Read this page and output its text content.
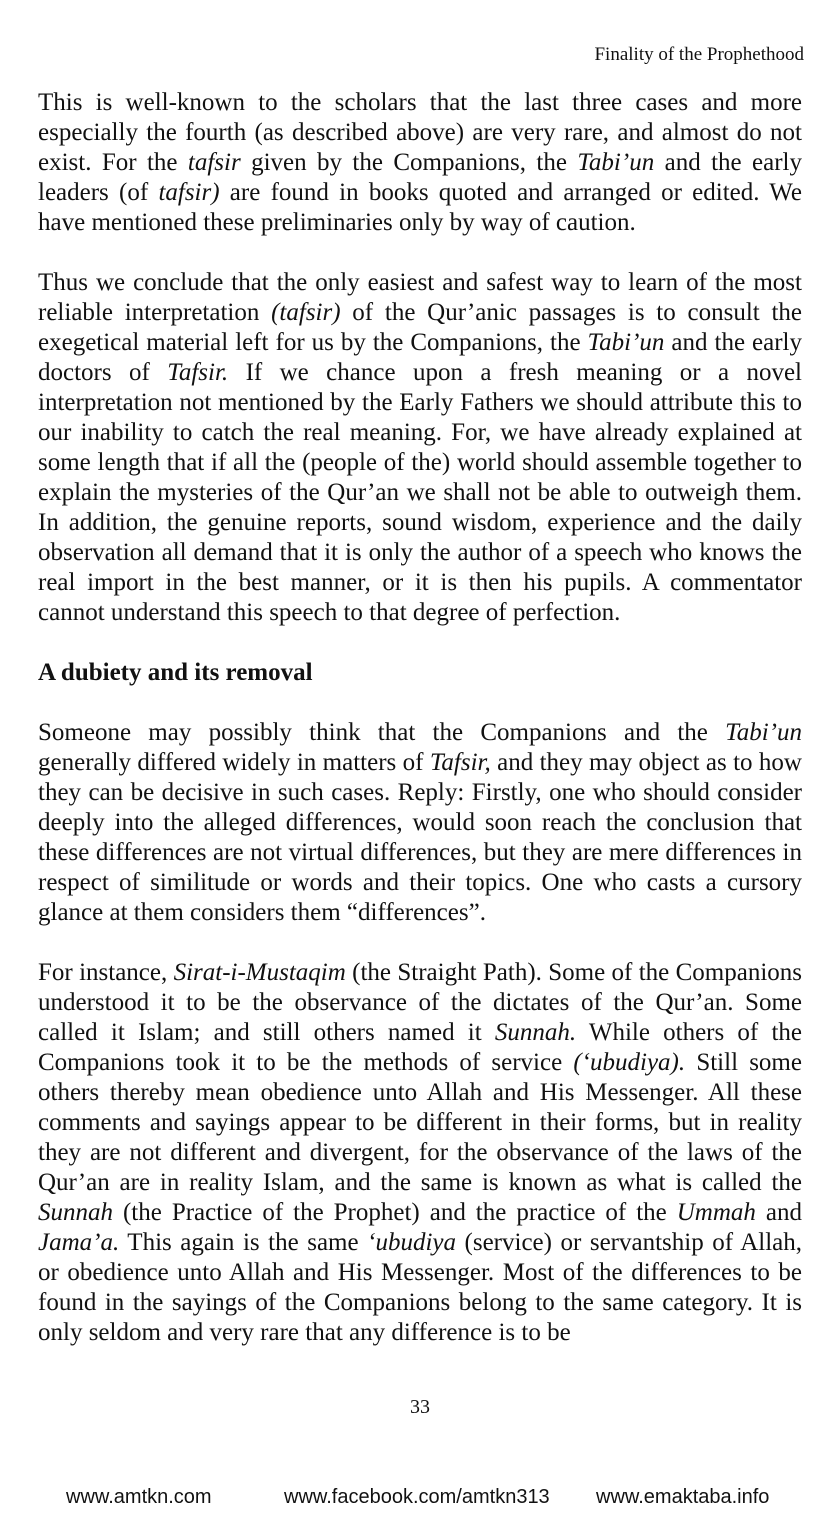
Finality of the Prophethood

This is well-known to the scholars that the last three cases and more especially the fourth (as described above) are very rare, and almost do not exist. For the tafsir given by the Companions, the Tabi’un and the early leaders (of tafsir) are found in books quoted and arranged or edited. We have mentioned these preliminaries only by way of caution.

Thus we conclude that the only easiest and safest way to learn of the most reliable interpretation (tafsir) of the Qur’anic passages is to consult the exegetical material left for us by the Companions, the Tabi’un and the early doctors of Tafsir. If we chance upon a fresh meaning or a novel interpretation not mentioned by the Early Fathers we should attribute this to our inability to catch the real meaning. For, we have already explained at some length that if all the (people of the) world should assemble together to explain the mysteries of the Qur’an we shall not be able to outweigh them. In addition, the genuine reports, sound wisdom, experience and the daily observation all demand that it is only the author of a speech who knows the real import in the best manner, or it is then his pupils. A commentator cannot understand this speech to that degree of perfection.

A dubiety and its removal

Someone may possibly think that the Companions and the Tabi’un generally differed widely in matters of Tafsir, and they may object as to how they can be decisive in such cases. Reply: Firstly, one who should consider deeply into the alleged differences, would soon reach the conclusion that these differences are not virtual differences, but they are mere differences in respect of similitude or words and their topics. One who casts a cursory glance at them considers them “differences”.

For instance, Sirat-i-Mustaqim (the Straight Path). Some of the Companions understood it to be the observance of the dictates of the Qur’an. Some called it Islam; and still others named it Sunnah. While others of the Companions took it to be the methods of service (‘ubudiya). Still some others thereby mean obedience unto Allah and His Messenger. All these comments and sayings appear to be different in their forms, but in reality they are not different and divergent, for the observance of the laws of the Qur’an are in reality Islam, and the same is known as what is called the Sunnah (the Practice of the Prophet) and the practice of the Ummah and Jama’a. This again is the same ‘ubudiya (service) or servantship of Allah, or obedience unto Allah and His Messenger. Most of the differences to be found in the sayings of the Companions belong to the same category. It is only seldom and very rare that any difference is to be

33
www.amtkn.com	www.facebook.com/amtkn313 www.emaktaba.info
